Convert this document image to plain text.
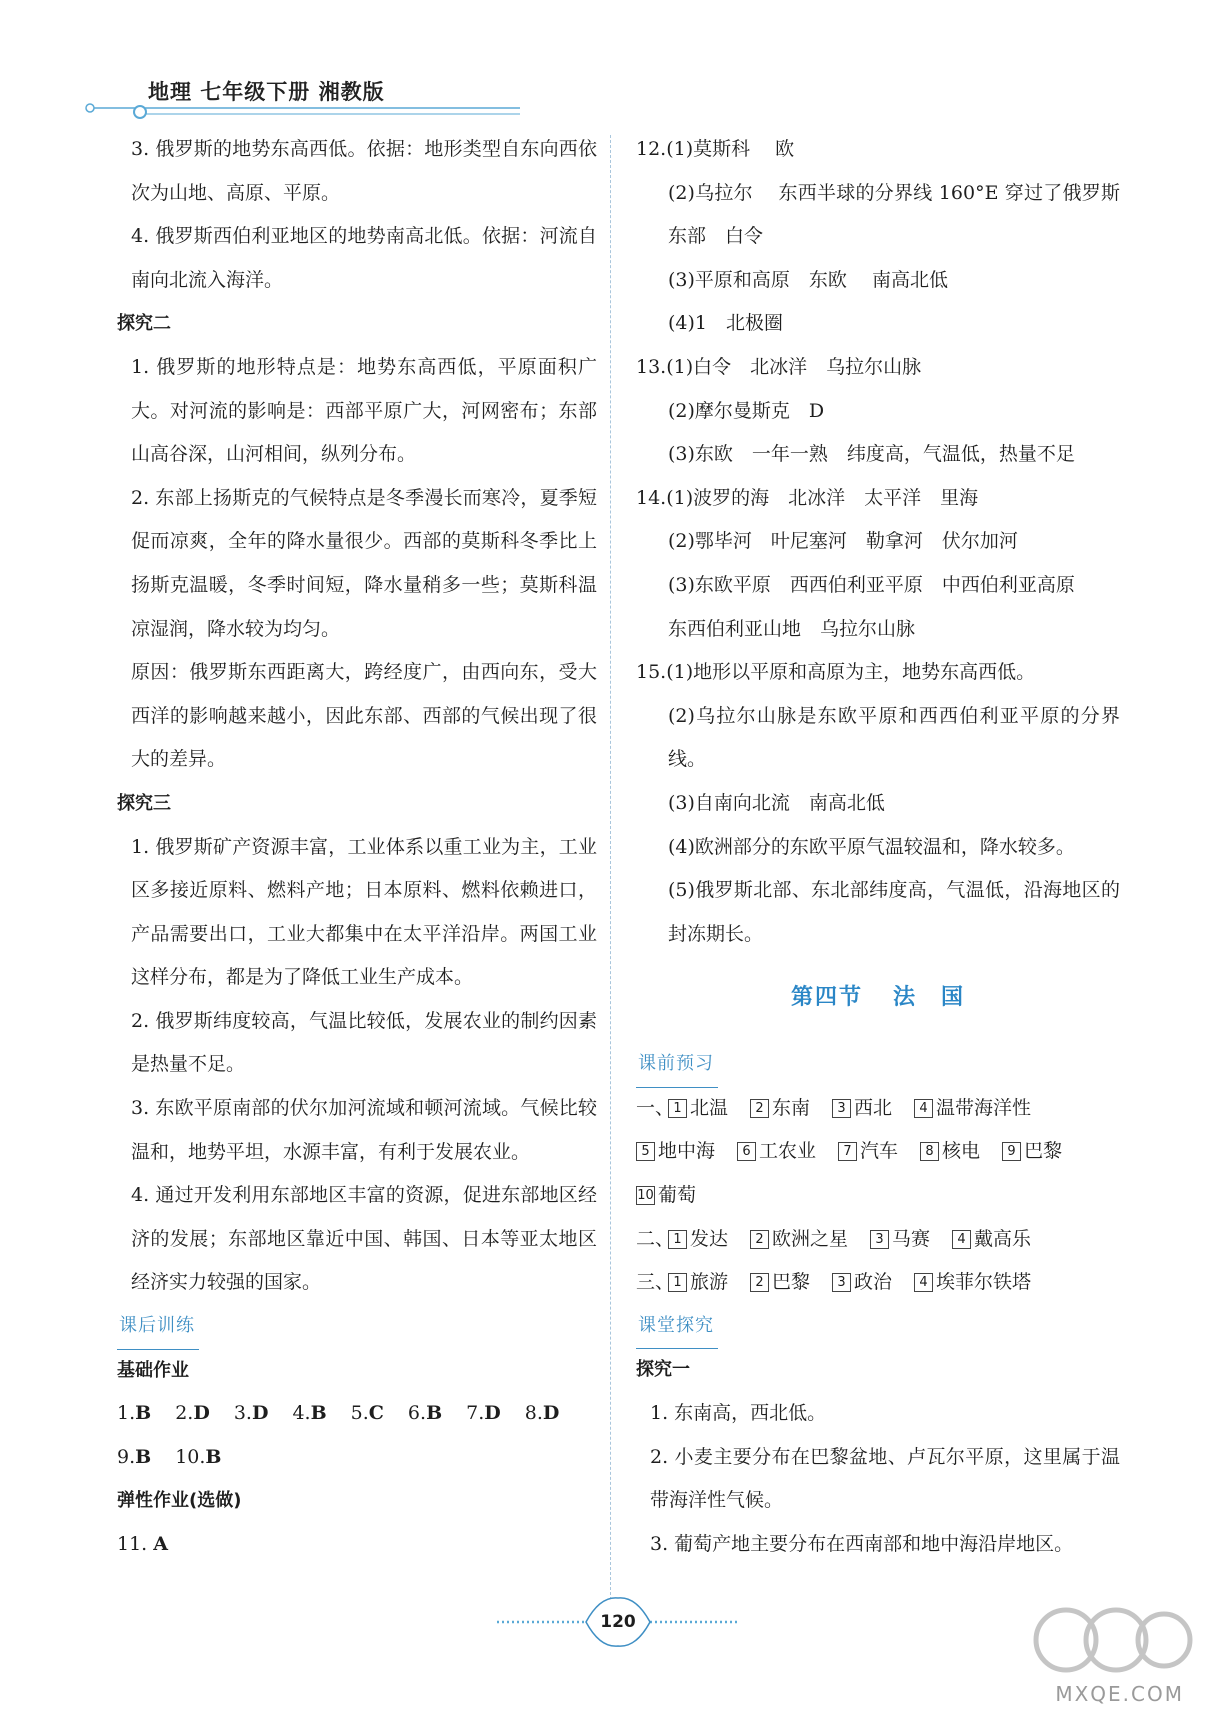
地理 七年级下册 湘教版

3. 俄罗斯的地势东高西低。依据：地形类型自东向西依次为山地、高原、平原。

4. 俄罗斯西伯利亚地区的地势南高北低。依据：河流自南向北流入海洋。

探究二

1. 俄罗斯的地形特点是：地势东高西低，平原面积广大。对河流的影响是：西部平原广大，河网密布；东部山高谷深，山河相间，纵列分布。

2. 东部上扬斯克的气候特点是冬季漫长而寒冷，夏季短促而凉爽，全年的降水量很少。西部的莫斯科冬季比上扬斯克温暖，冬季时间短，降水量稍多一些；莫斯科温凉湿润，降水较为均匀。

原因：俄罗斯东西距离大，跨经度广，由西向东，受大西洋的影响越来越小，因此东部、西部的气候出现了很大的差异。

探究三

1. 俄罗斯矿产资源丰富，工业体系以重工业为主，工业区多接近原料、燃料产地；日本原料、燃料依赖进口，产品需要出口，工业大都集中在太平洋沿岸。两国工业这样分布，都是为了降低工业生产成本。

2. 俄罗斯纬度较高，气温比较低，发展农业的制约因素是热量不足。

3. 东欧平原南部的伏尔加河流域和顿河流域。气候比较温和，地势平坦，水源丰富，有利于发展农业。

4. 通过开发利用东部地区丰富的资源，促进东部地区经济的发展；东部地区靠近中国、韩国、日本等亚太地区经济实力较强的国家。

课后训练
基础作业

1.B 2.D 3.D 4.B 5.C 6.B 7.D 8.D

9.B 10.B

弹性作业(选做)

11. A

12.(1)莫斯科　 欧

(2)乌拉尔　 东西半球的分界线 160°E 穿过了俄罗斯东部　白令

(3)平原和高原　东欧　 南高北低

(4)1　北极圈

13.(1)白令　北冰洋　乌拉尔山脉

(2)摩尔曼斯克　D

(3)东欧　一年一熟　纬度高，气温低，热量不足

14.(1)波罗的海　北冰洋　太平洋　里海

(2)鄂毕河　叶尼塞河　勒拿河　伏尔加河

(3)东欧平原　西西伯利亚平原　中西伯利亚高原

东西伯利亚山地　乌拉尔山脉

15.(1)地形以平原和高原为主，地势东高西低。

(2)乌拉尔山脉是东欧平原和西西伯利亚平原的分界线。

(3)自南向北流　南高北低

(4)欧洲部分的东欧平原气温较温和，降水较多。

(5)俄罗斯北部、东北部纬度高，气温低，沿海地区的封冻期长。

第四节 法　国
课前预习
一、 1 北温	2 东南	3 西北	4 温带海洋性
5 地中海	6 工农业	7 汽车	8 核电	9 巴黎
10 葡萄
二、 1 发达	2 欧洲之星	3 马赛	4 戴高乐
三、 1 旅游	2 巴黎	3 政治	4 埃菲尔铁塔
课堂探究
探究一

1. 东南高，西北低。

2. 小麦主要分布在巴黎盆地、卢瓦尔平原，这里属于温带海洋性气候。

3. 葡萄产地主要分布在西南部和地中海沿岸地区。

120
MXQE.COM
